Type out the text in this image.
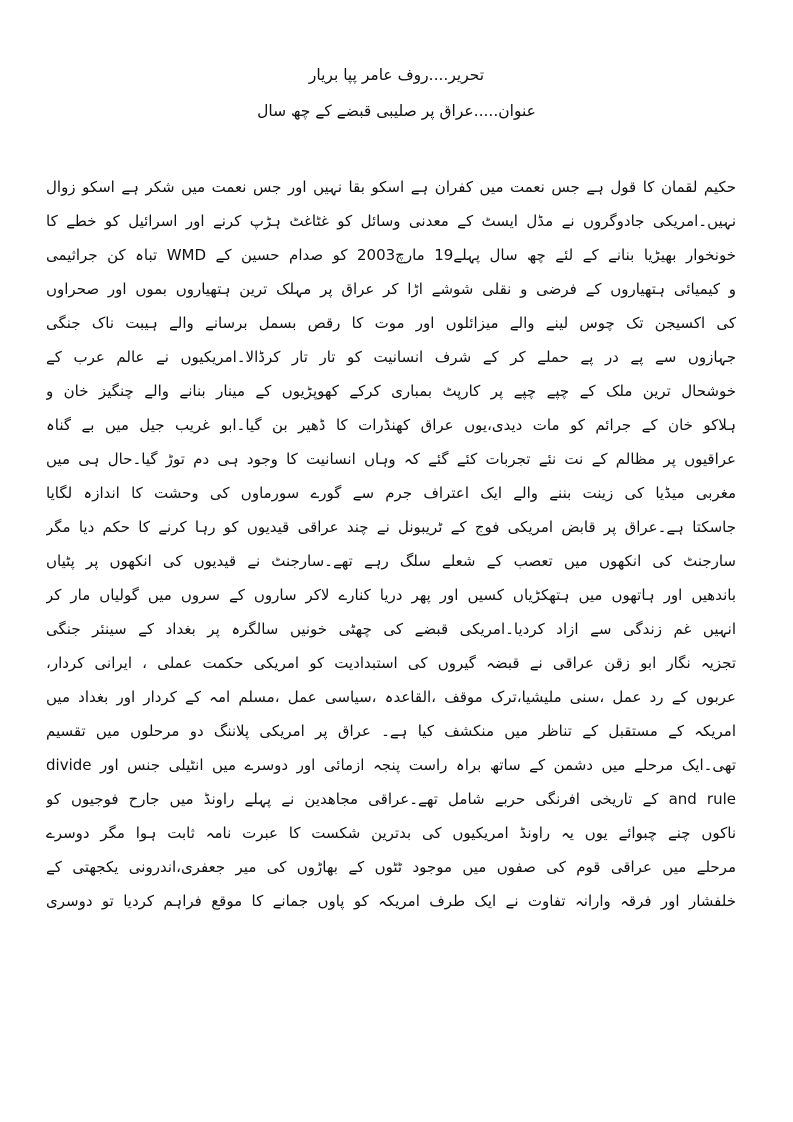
تحریر....روف عامر پپا بریار
عنوان.....عراق پر صلیبی قبضے کے چھ سال
حکیم لقمان کا قول ہے جس نعمت میں کفران ہے اسکو بقا نہیں اور جس نعمت میں شکر ہے اسکو زوال
نہیں۔امریکی جادوگروں نے مڈل ایسٹ کے معدنی وسائل کو غٹاغٹ ہڑپ کرنے اور اسرائیل کو خطے کا
خونخوار بھیڑیا بنانے کے لئے چھ سال پہلے19 مارچ2003 کو صدام حسین کے WMD تباہ کن جراثیمی
و کیمیائی ہتھیاروں کے فرضی و نقلی شوشے اڑا کر عراق پر مہلک ترین ہتھیاروں بموں اور صحراوں
کی اکسیجن تک چوس لینے والے میزائلوں اور موت کا رقص بسمل برسانے والے ہیبت ناک جنگی
جہازوں سے پے در پے حملے کر کے شرف انسانیت کو تار تار کرڈالا۔امریکیوں نے عالم عرب کے
خوشحال ترین ملک کے چپے چپے پر کارپٹ بمباری کرکے کھوپڑیوں کے مینار بنانے والے چنگیز خان و
ہلاکو خان کے جرائم کو مات دیدی،یوں عراق کھنڈرات کا ڈھیر بن گیا۔ابو غریب جیل میں بے گناہ
عراقیوں پر مظالم کے نت نئے تجربات کئے گئے کہ وہاں انسانیت کا وجود ہی دم توڑ گیا۔حال ہی میں
مغربی میڈیا کی زینت بننے والے ایک اعتراف جرم سے گورے سورماوں کی وحشت کا اندازہ لگایا
جاسکتا ہے۔عراق پر قابض امریکی فوج کے ٹریبونل نے چند عراقی قیدیوں کو رہا کرنے کا حکم دیا مگر
سارجنٹ کی انکھوں میں تعصب کے شعلے سلگ رہے تھے۔سارجنٹ نے قیدیوں کی انکھوں پر پٹیاں
باندھیں اور ہاتھوں میں ہتھکڑیاں کسیں اور پھر دریا کنارے لاکر ساروں کے سروں میں گولیاں مار کر
انہیں غم زندگی سے ازاد کردیا۔امریکی قبضے کی چھٹی خونیں سالگرہ پر بغداد کے سینئر جنگی
تجزیہ نگار ابو زقن عراقی نے قبضہ گیروں کی استبدادیت کو امریکی حکمت عملی ، ایرانی کردار،
عربوں کے رد عمل ،سنی ملیشیا،ترک موقف ،القاعدہ ،سیاسی عمل ،مسلم امہ کے کردار اور بغداد میں
امریکہ کے مستقبل کے تناظر میں منکشف کیا ہے۔ عراق پر امریکی پلاننگ دو مرحلوں میں تقسیم
تھی۔ایک مرحلے میں دشمن کے ساتھ براہ راست پنجہ ازمائی اور دوسرے میں انٹیلی جنس اور divide
and rule کے تاریخی افرنگی حربے شامل تھے۔عراقی مجاھدین نے پہلے راونڈ میں جارح فوجیوں کو
ناکوں چنے چبوائے یوں یہ راونڈ امریکیوں کی بدترین شکست کا عبرت نامہ ثابت ہوا مگر دوسرے
مرحلے میں عراقی قوم کی صفوں میں موجود ٹٹوں کے بھاڑوں کی میر جعفری،اندرونی یکجھتی کے
خلفشار اور فرقہ وارانہ تفاوت نے ایک طرف امریکہ کو پاوں جمانے کا موقع فراہم کردیا تو دوسری
